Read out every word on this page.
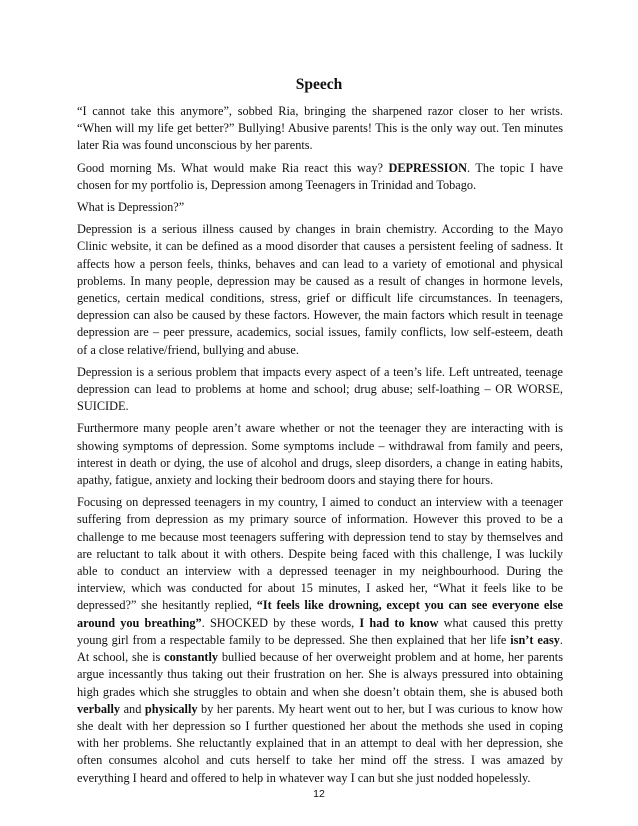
Speech

“I cannot take this anymore”, sobbed Ria, bringing the sharpened razor closer to her wrists. “When will my life get better?” Bullying! Abusive parents! This is the only way out. Ten minutes later Ria was found unconscious by her parents.

Good morning Ms. What would make Ria react this way? DEPRESSION. The topic I have chosen for my portfolio is, Depression among Teenagers in Trinidad and Tobago.

What is Depression?”

Depression is a serious illness caused by changes in brain chemistry. According to the Mayo Clinic website, it can be defined as a mood disorder that causes a persistent feeling of sadness. It affects how a person feels, thinks, behaves and can lead to a variety of emotional and physical problems. In many people, depression may be caused as a result of changes in hormone levels, genetics, certain medical conditions, stress, grief or difficult life circumstances. In teenagers, depression can also be caused by these factors. However, the main factors which result in teenage depression are – peer pressure, academics, social issues, family conflicts, low self-esteem, death of a close relative/friend, bullying and abuse.

Depression is a serious problem that impacts every aspect of a teen’s life. Left untreated, teenage depression can lead to problems at home and school; drug abuse; self-loathing – OR WORSE, SUICIDE.

Furthermore many people aren’t aware whether or not the teenager they are interacting with is showing symptoms of depression. Some symptoms include – withdrawal from family and peers, interest in death or dying, the use of alcohol and drugs, sleep disorders, a change in eating habits, apathy, fatigue, anxiety and locking their bedroom doors and staying there for hours.

Focusing on depressed teenagers in my country, I aimed to conduct an interview with a teenager suffering from depression as my primary source of information. However this proved to be a challenge to me because most teenagers suffering with depression tend to stay by themselves and are reluctant to talk about it with others. Despite being faced with this challenge, I was luckily able to conduct an interview with a depressed teenager in my neighbourhood. During the interview, which was conducted for about 15 minutes, I asked her, “What it feels like to be depressed?” she hesitantly replied, “It feels like drowning, except you can see everyone else around you breathing”. SHOCKED by these words, I had to know what caused this pretty young girl from a respectable family to be depressed. She then explained that her life isn’t easy. At school, she is constantly bullied because of her overweight problem and at home, her parents argue incessantly thus taking out their frustration on her. She is always pressured into obtaining high grades which she struggles to obtain and when she doesn’t obtain them, she is abused both verbally and physically by her parents. My heart went out to her, but I was curious to know how she dealt with her depression so I further questioned her about the methods she used in coping with her problems. She reluctantly explained that in an attempt to deal with her depression, she often consumes alcohol and cuts herself to take her mind off the stress. I was amazed by everything I heard and offered to help in whatever way I can but she just nodded hopelessly.

12
